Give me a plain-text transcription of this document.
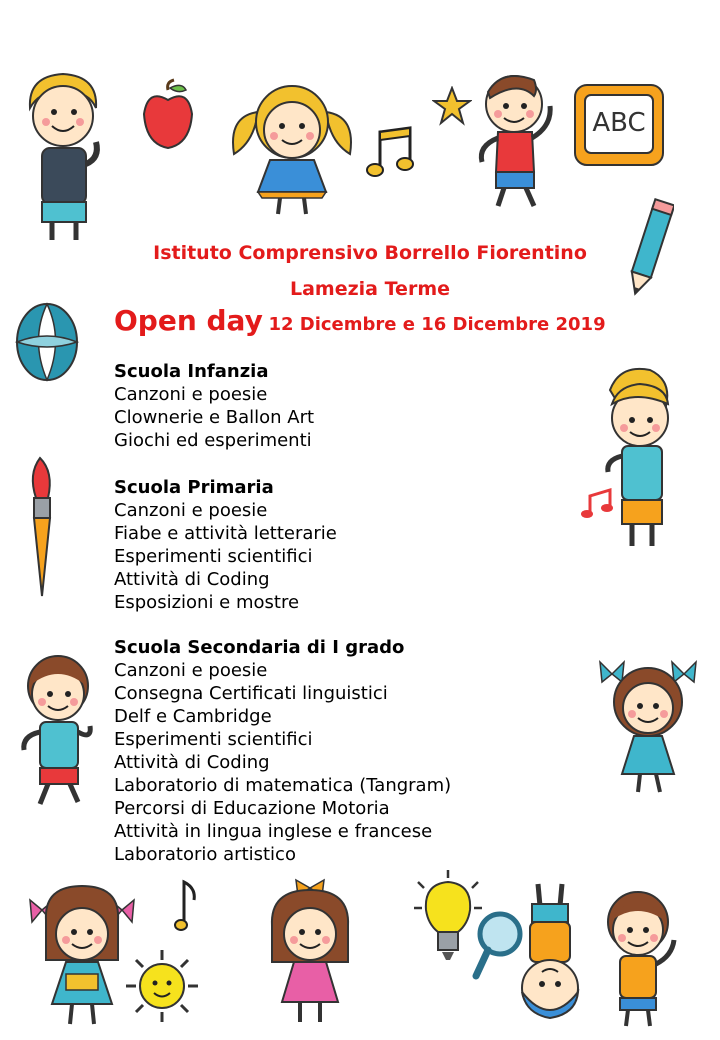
ABC
Istituto Comprensivo Borrello Fiorentino
Lamezia Terme
Open day 12 Dicembre e 16 Dicembre 2019
Scuola Infanzia
Canzoni e poesie
Clownerie e Ballon Art
Giochi ed esperimenti
Scuola Primaria
Canzoni e poesie
Fiabe e attività letterarie
Esperimenti scientifici
Attività di Coding
Esposizioni e mostre
Scuola Secondaria di I grado
Canzoni e poesie
Consegna Certificati linguistici
Delf e Cambridge
Esperimenti scientifici
Attività di Coding
Laboratorio di matematica (Tangram)
Percorsi di Educazione Motoria
Attività in lingua inglese e francese
Laboratorio artistico
